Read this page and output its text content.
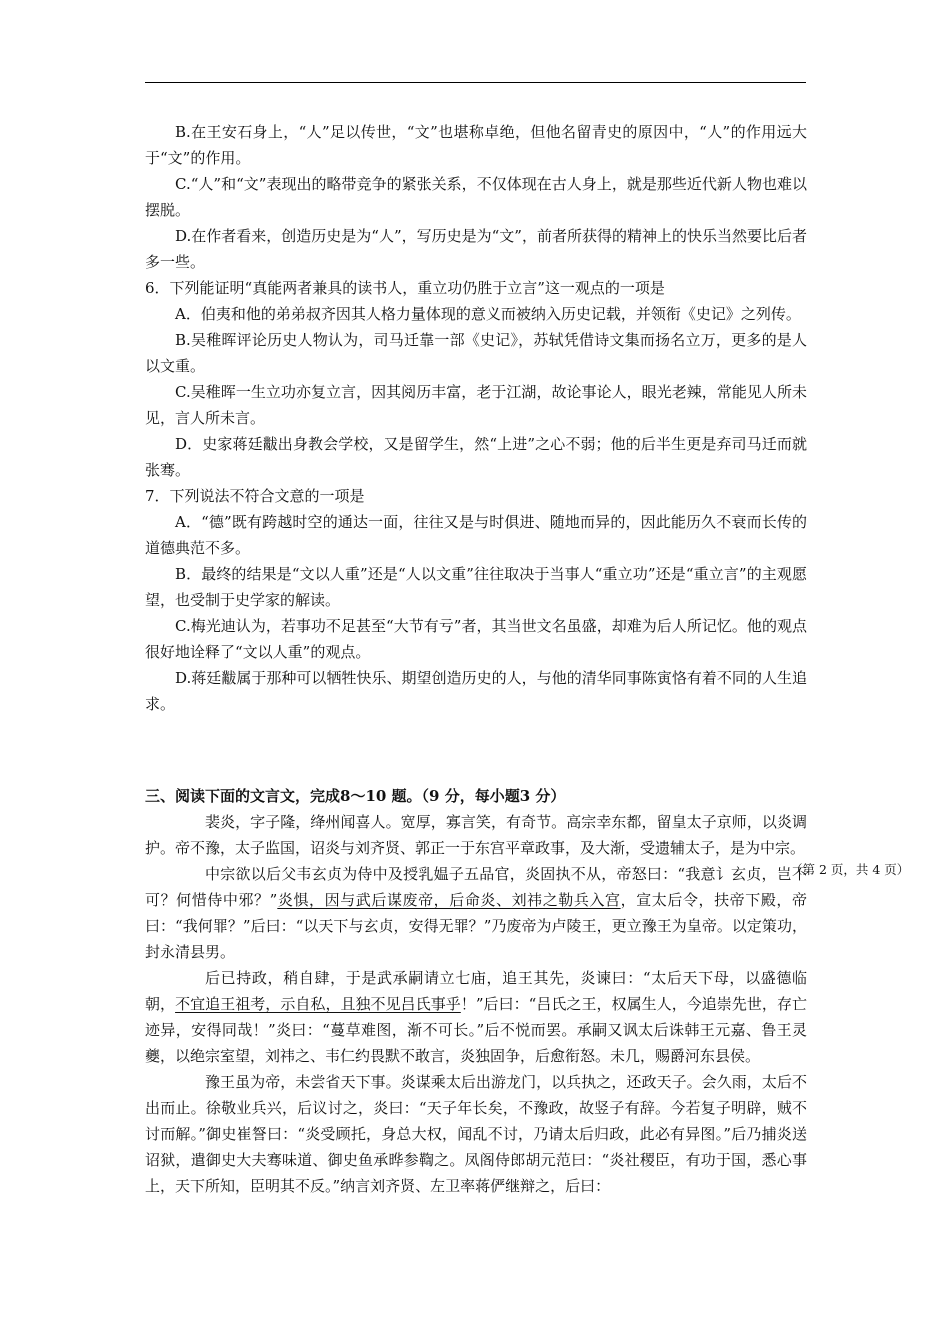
B.在王安石身上，“人”足以传世，“文”也堪称卓绝，但他名留青史的原因中，“人”的作用远大于“文”的作用。

C.“人”和“文”表现出的略带竞争的紧张关系，不仅体现在古人身上，就是那些近代新人物也难以摆脱。

D.在作者看来，创造历史是为“人”，写历史是为“文”，前者所获得的精神上的快乐当然要比后者多一些。

6．下列能证明“真能两者兼具的读书人，重立功仍胜于立言”这一观点的一项是

A．伯夷和他的弟弟叔齐因其人格力量体现的意义而被纳入历史记载，并领衔《史记》之列传。

B.吴稚晖评论历史人物认为，司马迁靠一部《史记》，苏轼凭借诗文集而扬名立万，更多的是人以文重。

C.吴稚晖一生立功亦复立言，因其阅历丰富，老于江湖，故论事论人，眼光老辣，常能见人所未见，言人所未言。

D．史家蒋廷黻出身教会学校，又是留学生，然“上进”之心不弱；他的后半生更是弃司马迁而就张骞。

7．下列说法不符合文意的一项是

A．“德”既有跨越时空的通达一面，往往又是与时俱进、随地而异的，因此能历久不衰而长传的道德典范不多。

B．最终的结果是“文以人重”还是“人以文重”往往取决于当事人“重立功”还是“重立言”的主观愿望，也受制于史学家的解读。

C.梅光迪认为，若事功不足甚至“大节有亏”者，其当世文名虽盛，却难为后人所记忆。他的观点很好地诠释了“文以人重”的观点。

D.蒋廷黻属于那种可以牺牲快乐、期望创造历史的人，与他的清华同事陈寅恪有着不同的人生追求。

三、阅读下面的文言文，完成8～10 题。（9 分，每小题3 分）

裴炎，字子隆，绛州闻喜人。宽厚，寡言笑，有奇节。高宗幸东都，留皇太子京师，以炎调护。帝不豫，太子监国，诏炎与刘齐贤、郭正一于东宫平章政事，及大渐，受遗辅太子，是为中宗。

中宗欲以后父韦玄贞为侍中及授乳媪子五品官，炎固执不从，帝怒曰：“我意讠玄贞，岂不可？何惜侍中邪？”炎惧，因与武后谋废帝，后命炎、刘祎之勒兵入宫，宣太后令，扶帝下殿，帝曰：“我何罪？”后曰：“以天下与玄贞，安得无罪？”乃废帝为卢陵王，更立豫王为皇帝。以定策功，封永清县男。

后已持政，稍自肆，于是武承嗣请立七庙，追王其先，炎谏曰：“太后天下母，以盛德临朝，不宜追王祖考，示自私，且独不见吕氏事乎！”后曰：“吕氏之王，权属生人，今追崇先世，存亡迹异，安得同哉！”炎曰：“蔓草难图，渐不可长。”后不悦而罢。承嗣又讽太后诛韩王元嘉、鲁王灵夔，以绝宗室望，刘祎之、韦仁约畏默不敢言，炎独固争，后愈衔怒。未几，赐爵河东县侯。

豫王虽为帝，未尝省天下事。炎谋乘太后出游龙门，以兵执之，还政天子。会久雨，太后不出而止。徐敬业兵兴，后议讨之，炎曰：“天子年长矣，不豫政，故竖子有辞。今若复子明辟，贼不讨而解。”御史崔詧曰：“炎受顾托，身总大权，闻乱不讨，乃请太后归政，此必有异图。”后乃捕炎送诏狱，遣御史大夫骞味道、御史鱼承晔参鞫之。凤阁侍郎胡元范曰：“炎社稷臣，有功于国，悉心事上，天下所知，臣明其不反。”纳言刘齐贤、左卫率蒋俨继辩之，后曰：

（第 2 页，共 4 页）
